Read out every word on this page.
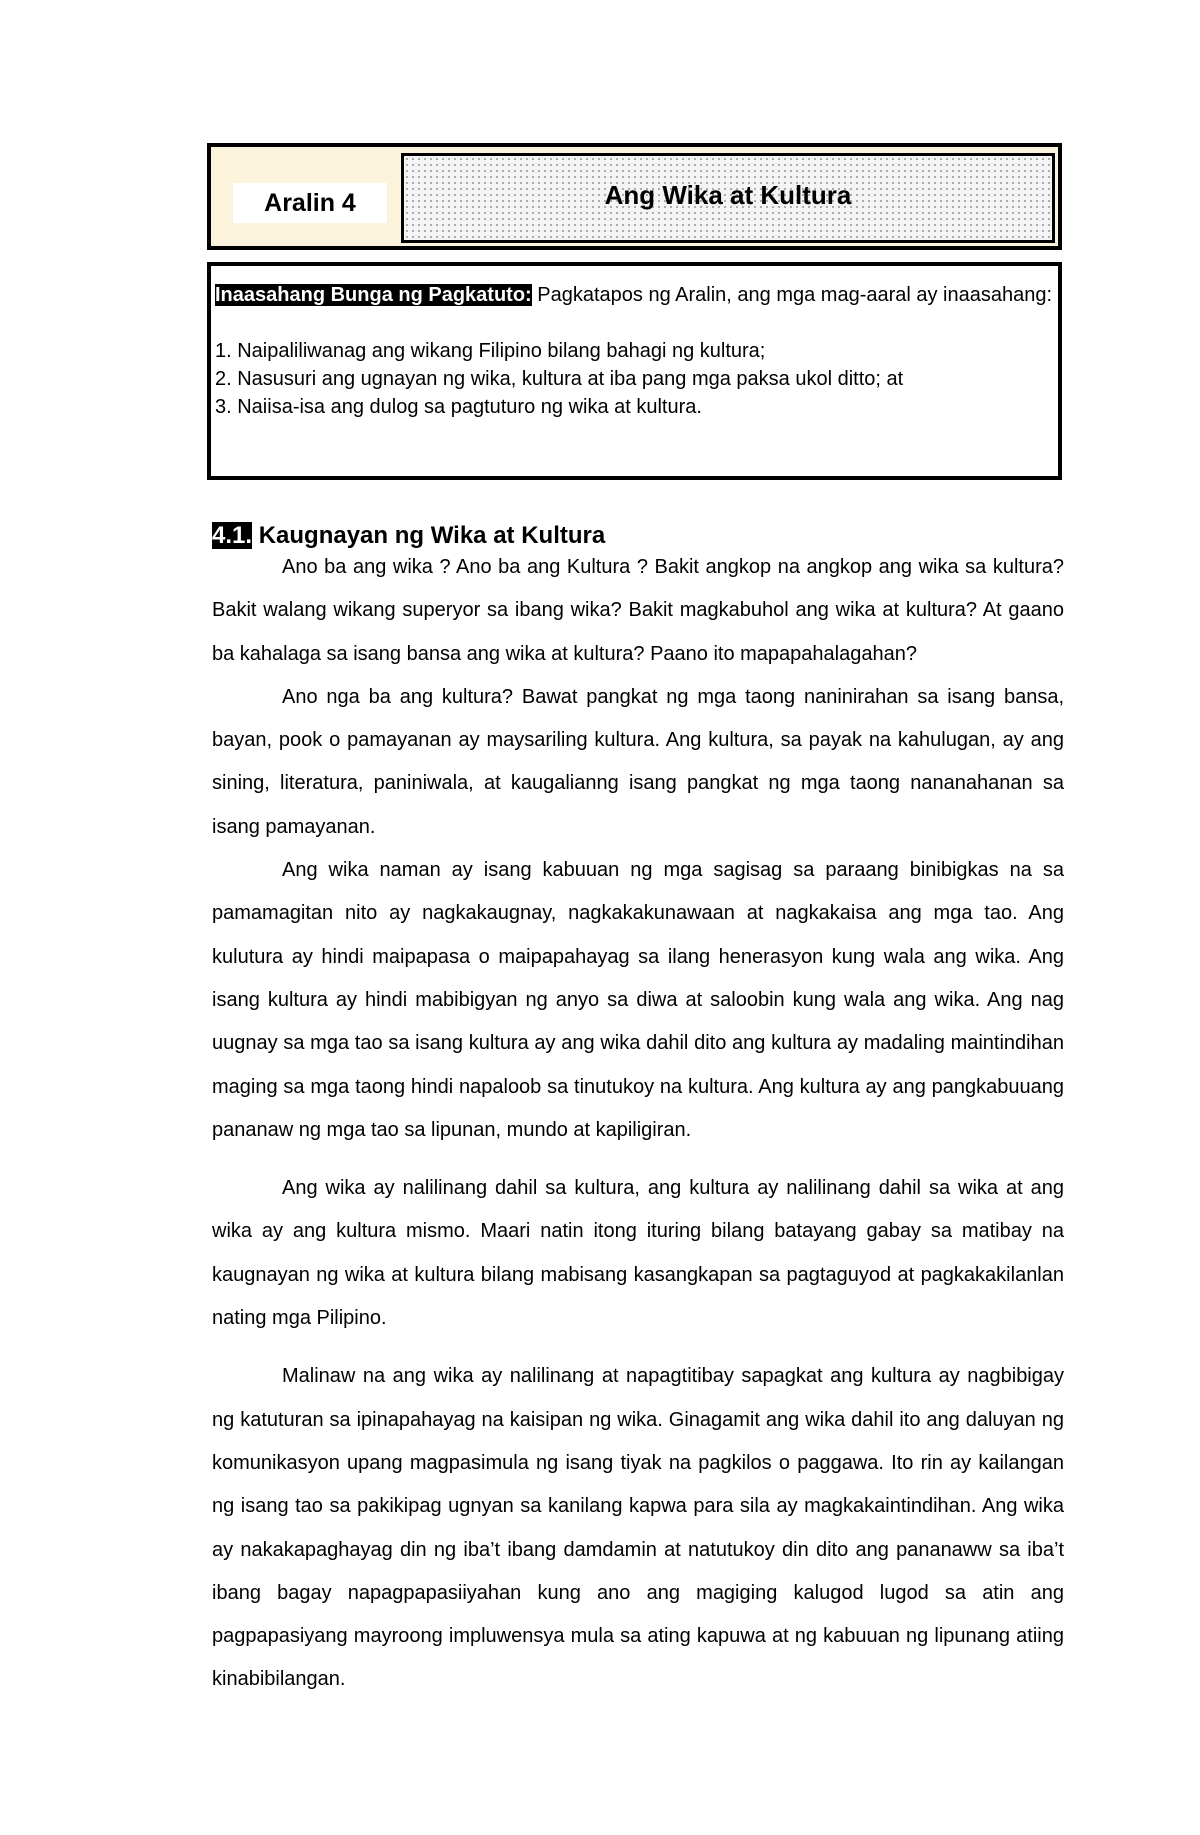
Aralin 4	Ang Wika at Kultura
Inaasahang Bunga ng Pagkatuto: Pagkatapos ng Aralin, ang mga mag-aaral ay inaasahang:
1. Naipaliliwanag ang wikang Filipino bilang bahagi ng kultura;
2. Nasusuri ang ugnayan ng wika, kultura at iba pang mga paksa ukol ditto; at
3. Naiisa-isa ang dulog sa pagtuturo ng wika at kultura.
4.1. Kaugnayan ng Wika at Kultura

Ano ba ang wika ? Ano ba ang Kultura ? Bakit angkop na angkop ang wika sa kultura? Bakit walang wikang superyor sa ibang wika? Bakit magkabuhol ang wika at kultura? At gaano ba kahalaga sa isang bansa ang wika at kultura? Paano ito mapapahalagahan?

Ano nga ba ang kultura? Bawat pangkat ng mga taong naninirahan sa isang bansa, bayan, pook o pamayanan ay maysariling kultura. Ang kultura, sa payak na kahulugan, ay ang sining, literatura, paniniwala, at kaugalianng isang pangkat ng mga taong nananahanan sa isang pamayanan.

Ang wika naman ay isang kabuuan ng mga sagisag sa paraang binibigkas na sa pamamagitan nito ay nagkakaugnay, nagkakakunawaan at nagkakaisa ang mga tao. Ang kulutura ay hindi maipapasa o maipapahayag sa ilang henerasyon kung wala ang wika. Ang isang kultura ay hindi mabibigyan ng anyo sa diwa at saloobin kung wala ang wika. Ang nag uugnay sa mga tao sa isang kultura ay ang wika dahil dito ang kultura ay madaling maintindihan maging sa mga taong hindi napaloob sa tinutukoy na kultura. Ang kultura ay ang pangkabuuang pananaw ng mga tao sa lipunan, mundo at kapiligiran.

Ang wika ay nalilinang dahil sa kultura, ang kultura ay nalilinang dahil sa wika at ang wika ay ang kultura mismo. Maari natin itong ituring bilang batayang gabay sa matibay na kaugnayan ng wika at kultura bilang mabisang kasangkapan sa pagtaguyod at pagkakakilanlan nating mga Pilipino.

Malinaw na ang wika ay nalilinang at napagtitibay sapagkat ang kultura ay nagbibigay ng katuturan sa ipinapahayag na kaisipan ng wika. Ginagamit ang wika dahil ito ang daluyan ng komunikasyon upang magpasimula ng isang tiyak na pagkilos o paggawa. Ito rin ay kailangan ng isang tao sa pakikipag ugnyan sa kanilang kapwa para sila ay magkakaintindihan. Ang wika ay nakakapaghayag din ng iba’t ibang damdamin at natutukoy din dito ang pananaww sa iba’t ibang bagay napagpapasiiyahan kung ano ang magiging kalugod lugod sa atin ang pagpapasiyang mayroong impluwensya mula sa ating kapuwa at ng kabuuan ng lipunang atiing kinabibilangan.
